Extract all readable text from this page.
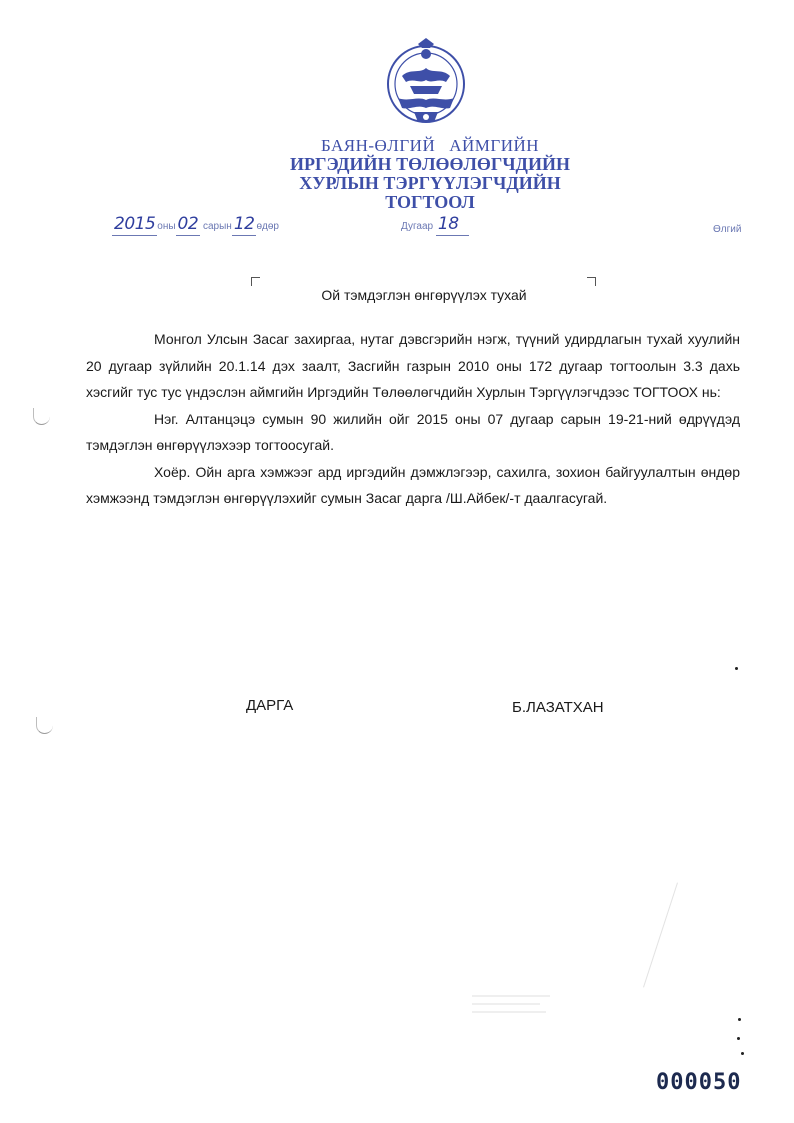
БАЯН-ӨЛГИЙ АЙМГИЙН
ИРГЭДИЙН ТӨЛӨӨЛӨГЧДИЙН
ХУРЛЫН ТЭРГҮҮЛЭГЧДИЙН
ТОГТООЛ
2015 оны 02 сарын 12 өдөр	Дугаар 18	Өлгий
Ой тэмдэглэн өнгөрүүлэх тухай

Монгол Улсын Засаг захиргаа, нутаг дэвсгэрийн нэгж, түүний удирдлагын тухай хуулийн 20 дугаар зүйлийн 20.1.14 дэх заалт, Засгийн газрын 2010 оны 172 дугаар тогтоолын 3.3 дахь хэсгийг тус тус үндэслэн аймгийн Иргэдийн Төлөөлөгчдийн Хурлын Тэргүүлэгчдээс ТОГТООХ нь:

Нэг. Алтанцэцэ сумын 90 жилийн ойг 2015 оны 07 дугаар сарын 19-21-ний өдрүүдэд тэмдэглэн өнгөрүүлэхээр тогтоосугай.

Хоёр. Ойн арга хэмжээг ард иргэдийн дэмжлэгээр, сахилга, зохион байгуулалтын өндөр хэмжээнд тэмдэглэн өнгөрүүлэхийг сумын Засаг дарга /Ш.Айбек/-т даалгасугай.

ДАРГА	Б.ЛАЗАТХАН
000050
